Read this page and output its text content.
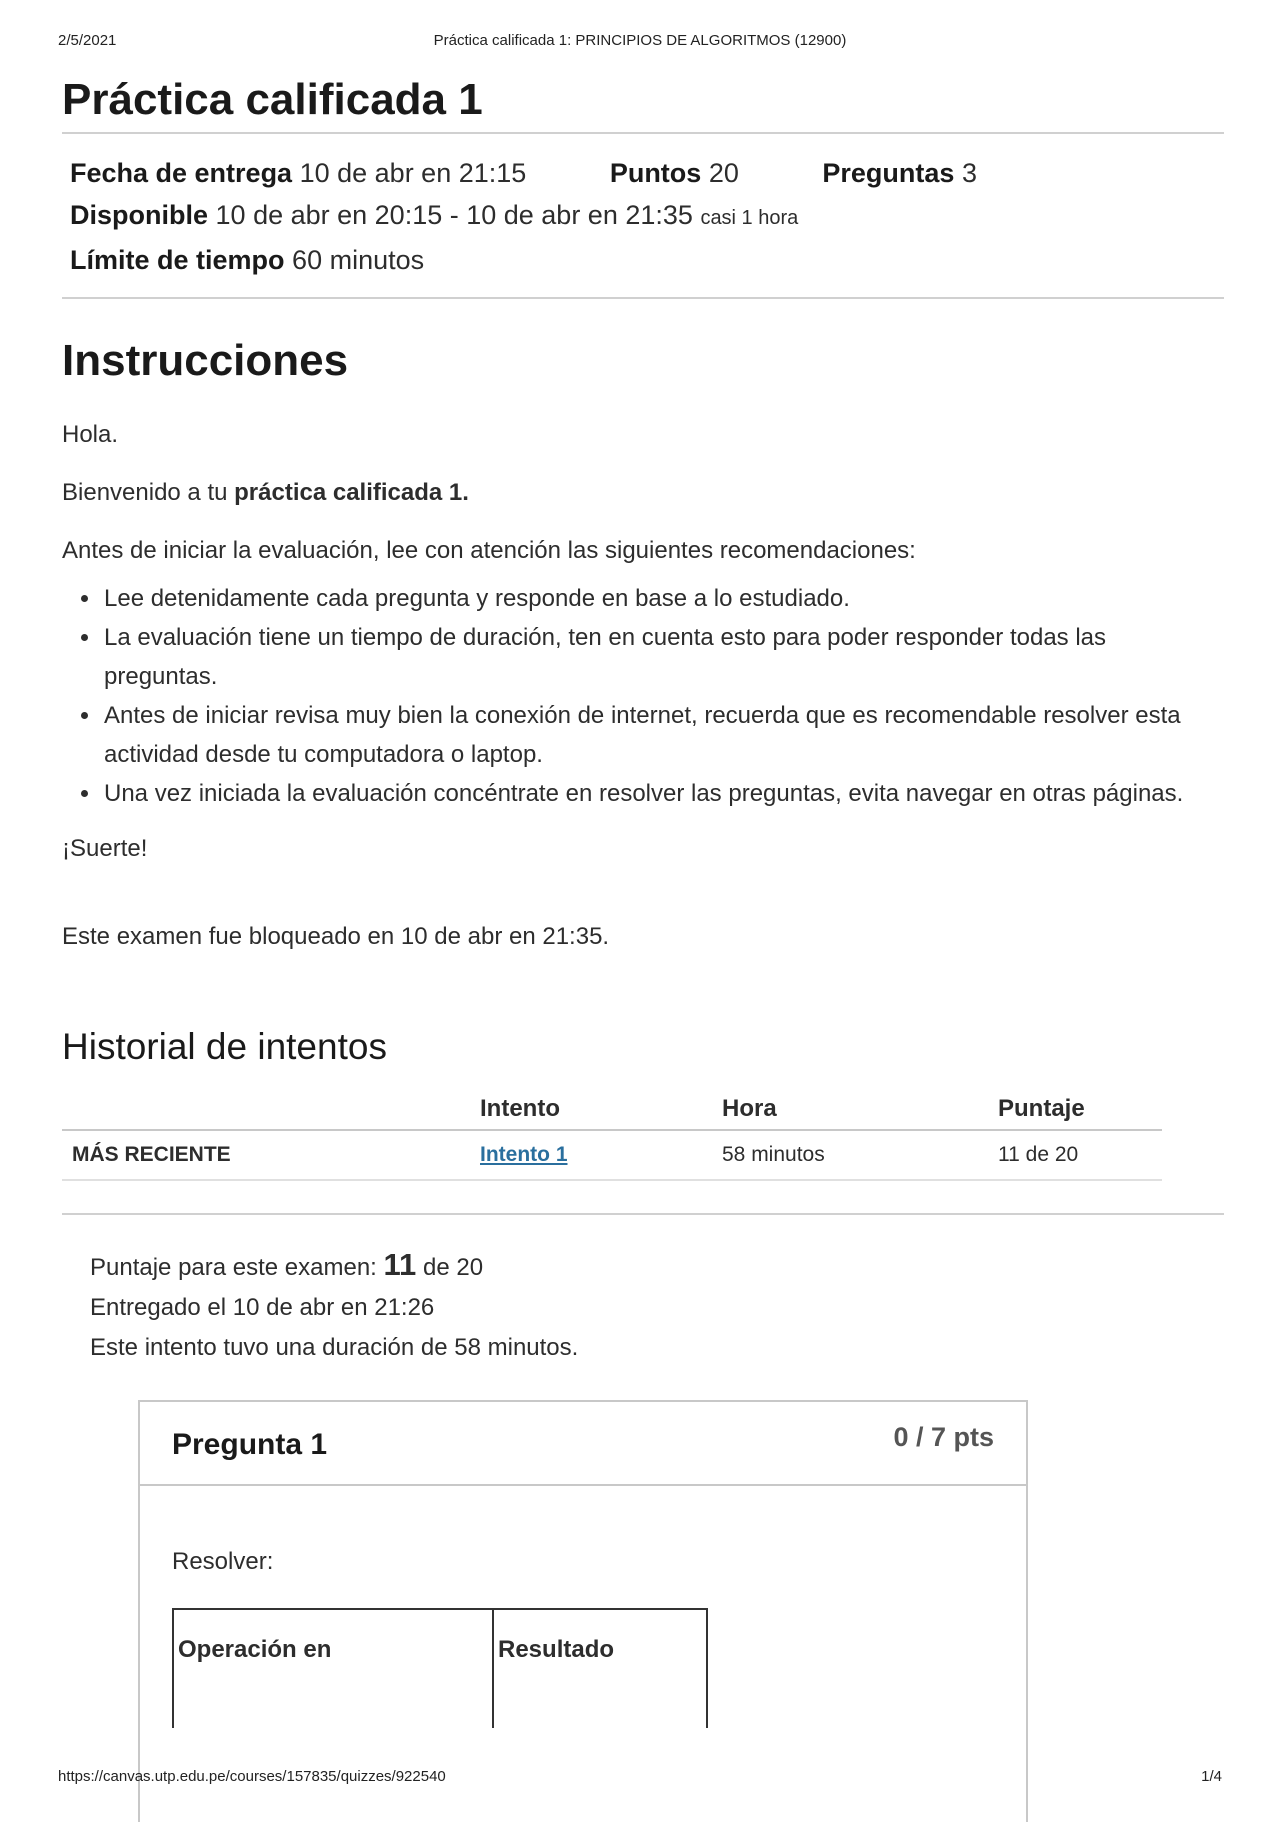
2/5/2021	Práctica calificada 1: PRINCIPIOS DE ALGORITMOS (12900)
Práctica calificada 1
Fecha de entrega 10 de abr en 21:15	Puntos 20	Preguntas 3
Disponible 10 de abr en 20:15 - 10 de abr en 21:35 casi 1 hora
Límite de tiempo 60 minutos
Instrucciones

Hola.

Bienvenido a tu práctica calificada 1.

Antes de iniciar la evaluación, lee con atención las siguientes recomendaciones:

• Lee detenidamente cada pregunta y responde en base a lo estudiado.
• La evaluación tiene un tiempo de duración, ten en cuenta esto para poder responder todas las preguntas.
• Antes de iniciar revisa muy bien la conexión de internet, recuerda que es recomendable resolver esta actividad desde tu computadora o laptop.
• Una vez iniciada la evaluación concéntrate en resolver las preguntas, evita navegar en otras páginas.

¡Suerte!

Este examen fue bloqueado en 10 de abr en 21:35.

Historial de intentos
	Intento	Hora	Puntaje
MÁS RECIENTE	Intento 1	58 minutos	11 de 20
Puntaje para este examen: 11 de 20
Entregado el 10 de abr en 21:26
Este intento tuvo una duración de 58 minutos.
Pregunta 1	0 / 7 pts

Resolver:

Operación en	Resultado
https://canvas.utp.edu.pe/courses/157835/quizzes/922540	1/4
